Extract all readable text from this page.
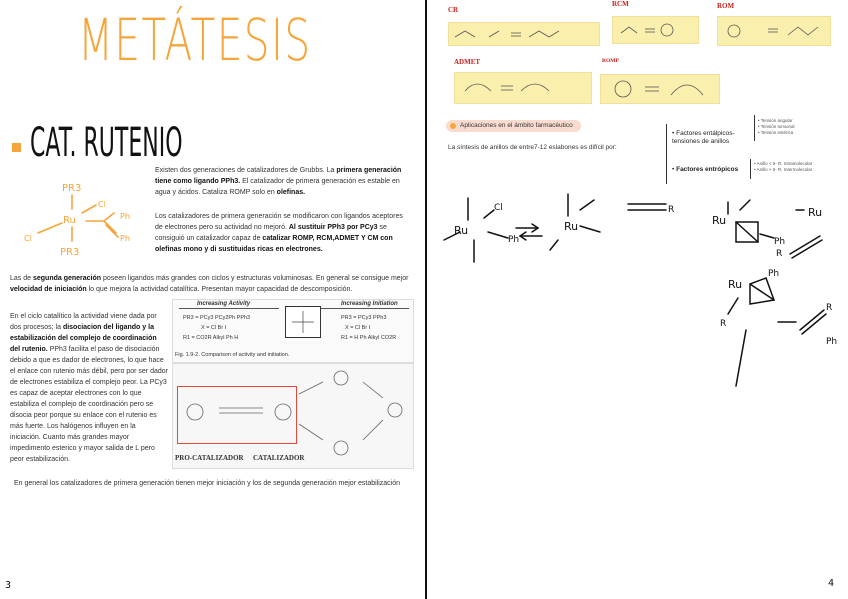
METÁTESIS
CAT. RUTENIO
PR3
Ru
Cl
Cl
PR3
Ph
Ph
Existen dos generaciones de catalizadores de Grubbs. La primera generación tiene como ligando PPh3. El catalizador de primera generación es estable en agua y ácidos. Cataliza ROMP solo en olefinas.
Los catalizadores de primera generación se modificaron con ligandos aceptores de electrones pero su actividad no mejoró. Al sustituir PPh3 por PCy3 se consiguió un catalizador capaz de catalizar ROMP, RCM,ADMET Y CM con olefinas mono y di sustituidas ricas en electrones.
Las de segunda generación poseen ligandos más grandes con ciclos y estructuras voluminosas. En general se consigue mejor velocidad de iniciación lo que mejora la actividad catalítica. Presentan mayor capacidad de descomposición.
En el ciclo catalítico la actividad viene dada por dos procesos; la disociacion del ligando y la estabilización del complejo de coordinación del rutenio. PPh3 facilita el paso de disociación debido a que es dador de electrones, lo que hace el enlace con rutenio más débil, pero por ser dador de electrones estabiliza el complejo peor. La PCy3 es capaz de aceptar electrones con lo que estabiliza el complejo de coordinación pero se disocia peor porque su enlace con el rutenio es más fuerte. Los halógenos influyen en la iniciación. Cuanto más grandes mayor impedimento esterico y mayor salida de L pero peor estabilización.
Increasing Activity	Increasing Initiation
PR3 = PCy3 PCy2Ph PPh3
X = Cl Br I
R1 = CO2R Alkyl Ph H
PR3 = PCy3 PPh3
X = Cl Br I
R1 = H Ph Alkyl CO2R
Fig. 1.9-2. Comparison of activity and initiation.
PRO-CATALIZADOR CATALIZADOR
En general los catalizadores de primera generación tienen mejor iniciación y los de segunda generación mejor estabilización
3
CR
RCM	ROM
ADMET	ROMP
Aplicaciones en el ámbito farmacéutico
La síntesis de anillos de entre7-12 eslabones es difícil por:
• Factores entálpicos- tensiones de anillos
• Tensión angular
• Tensión torsional
• Tensión estérica
• Factores entrópicos
• Anillo < 5- R. Intramolecular
• Anillo > 5- R. Intermolecular
Ru
Cl
Ph
Ru
R
Ru
Ph
R
Ru
Ph
R
Ru
R
Ph
4
